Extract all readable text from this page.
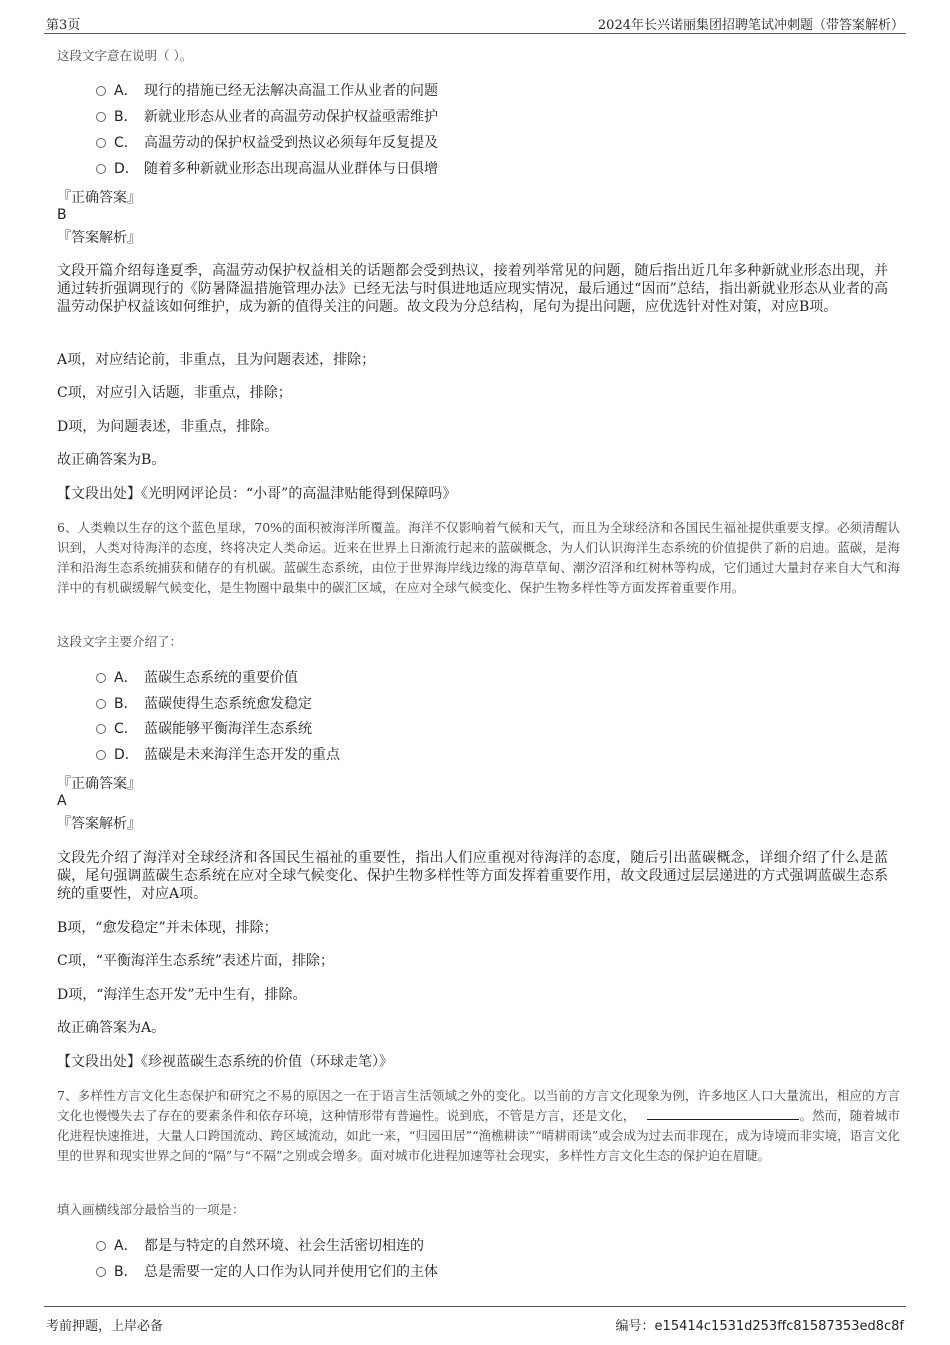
第3页	2024年长兴诺丽集团招聘笔试冲刺题（带答案解析）
这段文字意在说明（ ）。
A． 现行的措施已经无法解决高温工作从业者的问题
B． 新就业形态从业者的高温劳动保护权益亟需维护
C． 高温劳动的保护权益受到热议必须每年反复提及
D． 随着多种新就业形态出现高温从业群体与日俱增
『正确答案』
B
『答案解析』
文段开篇介绍每逢夏季，高温劳动保护权益相关的话题都会受到热议，接着列举常见的问题，随后指出近几年多种新就业形态出现，并通过转折强调现行的《防暑降温措施管理办法》已经无法与时俱进地适应现实情况，最后通过“因而”总结，指出新就业形态从业者的高温劳动保护权益该如何维护，成为新的值得关注的问题。故文段为分总结构，尾句为提出问题，应优选针对性对策，对应B项。
A项，对应结论前，非重点，且为问题表述，排除；
C项，对应引入话题，非重点，排除；
D项，为问题表述，非重点，排除。
故正确答案为B。
【文段出处】《光明网评论员：“小哥”的高温津贴能得到保障吗》
6、人类赖以生存的这个蓝色星球，70%的面积被海洋所覆盖。海洋不仅影响着气候和天气，而且为全球经济和各国民生福祉提供重要支撑。必须清醒认识到，人类对待海洋的态度，终将决定人类命运。近来在世界上日渐流行起来的蓝碳概念，为人们认识海洋生态系统的价值提供了新的启迪。蓝碳，是海洋和沿海生态系统捕获和储存的有机碳。蓝碳生态系统，由位于世界海岸线边缘的海草草甸、潮汐沼泽和红树林等构成，它们通过大量封存来自大气和海洋中的有机碳缓解气候变化，是生物圈中最集中的碳汇区域，在应对全球气候变化、保护生物多样性等方面发挥着重要作用。
这段文字主要介绍了：
A． 蓝碳生态系统的重要价值
B． 蓝碳使得生态系统愈发稳定
C． 蓝碳能够平衡海洋生态系统
D． 蓝碳是未来海洋生态开发的重点
『正确答案』
A
『答案解析』
文段先介绍了海洋对全球经济和各国民生福祉的重要性，指出人们应重视对待海洋的态度，随后引出蓝碳概念，详细介绍了什么是蓝碳，尾句强调蓝碳生态系统在应对全球气候变化、保护生物多样性等方面发挥着重要作用，故文段通过层层递进的方式强调蓝碳生态系统的重要性，对应A项。
B项，“愈发稳定”并未体现，排除；
C项，“平衡海洋生态系统”表述片面，排除；
D项，“海洋生态开发”无中生有，排除。
故正确答案为A。
【文段出处】《珍视蓝碳生态系统的价值（环球走笔）》
7、多样性方言文化生态保护和研究之不易的原因之一在于语言生活领域之外的变化。以当前的方言文化现象为例，许多地区人口大量流出，相应的方言文化也慢慢失去了存在的要素条件和依存环境，这种情形带有普遍性。说到底，不管是方言，还是文化，	。然而，随着城市化进程快速推进，大量人口跨国流动、跨区域流动，如此一来，“归园田居”“渔樵耕读”“晴耕雨读”或会成为过去而非现在，成为诗境而非实境，语言文化里的世界和现实世界之间的“隔”与“不隔”之别或会增多。面对城市化进程加速等社会现实，多样性方言文化生态的保护迫在眉睫。
填入画横线部分最恰当的一项是：
A． 都是与特定的自然环境、社会生活密切相连的
B． 总是需要一定的人口作为认同并使用它们的主体
考前押题，上岸必备	编号：e15414c1531d253ffc81587353ed8c8f
